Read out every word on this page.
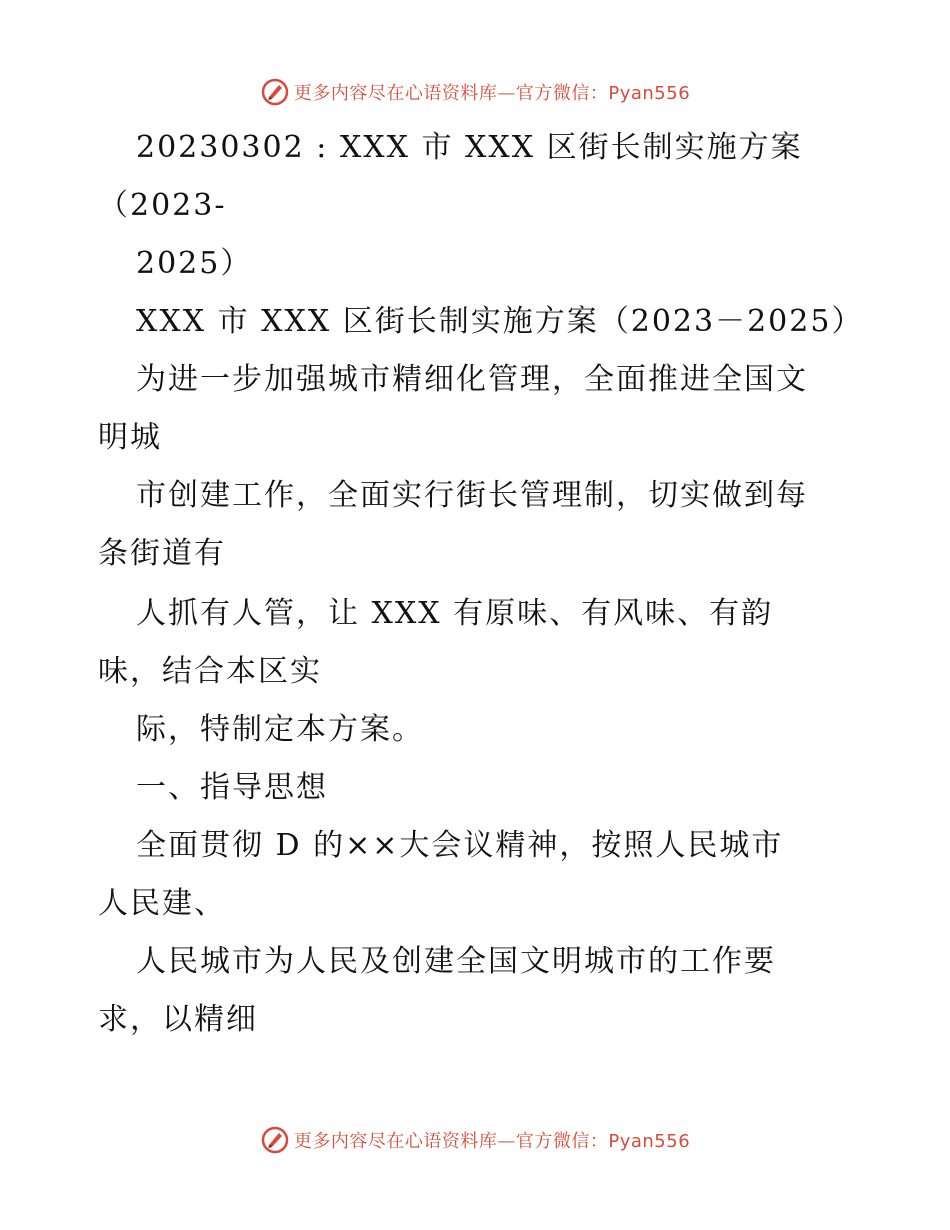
更多内容尽在心语资料库—官方微信：Pyan556
20230302 : XXX 市 XXX 区街长制实施方案
（2023-
2025）
XXX 市 XXX 区街长制实施方案（2023－2025）
为进一步加强城市精细化管理，全面推进全国文
明城
市创建工作，全面实行街长管理制，切实做到每
条街道有
人抓有人管，让 XXX 有原味、有风味、有韵
味，结合本区实
际，特制定本方案。
一、指导思想
全面贯彻 D 的××大会议精神，按照人民城市
人民建、
人民城市为人民及创建全国文明城市的工作要
求，以精细
更多内容尽在心语资料库—官方微信：Pyan556
